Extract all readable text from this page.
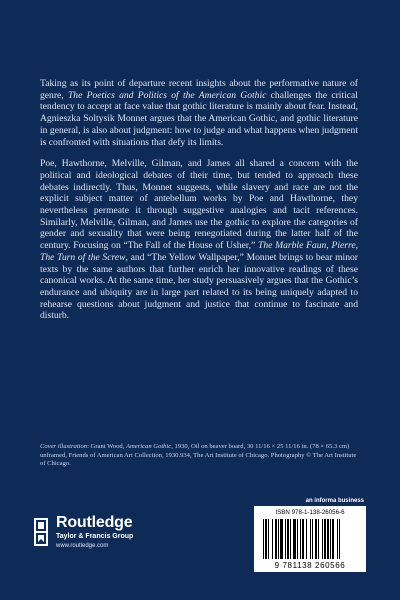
Taking as its point of departure recent insights about the performative nature of genre, The Poetics and Politics of the American Gothic challenges the critical tendency to accept at face value that gothic literature is mainly about fear. Instead, Agnieszka Soltysik Monnet argues that the American Gothic, and gothic literature in general, is also about judgment: how to judge and what happens when judgment is confronted with situations that defy its limits.

Poe, Hawthorne, Melville, Gilman, and James all shared a concern with the political and ideological debates of their time, but tended to approach these debates indirectly. Thus, Monnet suggests, while slavery and race are not the explicit subject matter of antebellum works by Poe and Hawthorne, they nevertheless permeate it through suggestive analogies and tacit references. Similarly, Melville, Gilman, and James use the gothic to explore the categories of gender and sexuality that were being renegotiated during the latter half of the century. Focusing on “The Fall of the House of Usher,” The Marble Faun, Pierre, The Turn of the Screw, and “The Yellow Wallpaper,” Monnet brings to bear minor texts by the same authors that further enrich her innovative readings of these canonical works. At the same time, her study persuasively argues that the Gothic’s endurance and ubiquity are in large part related to its being uniquely adapted to rehearse questions about judgment and justice that continue to fascinate and disturb.

Cover illustration: Grant Wood, American Gothic, 1930, Oil on beaver board, 30 11/16 × 25 11/16 in. (78 × 65.3 cm) unframed, Friends of American Art Collection, 1930.934, The Art Institute of Chicago. Photography © The Art Institute of Chicago.
an informa business
Routledge
Taylor & Francis Group
www.routledge.com
ISBN 978-1-138-26056-6
9 781138 260566
